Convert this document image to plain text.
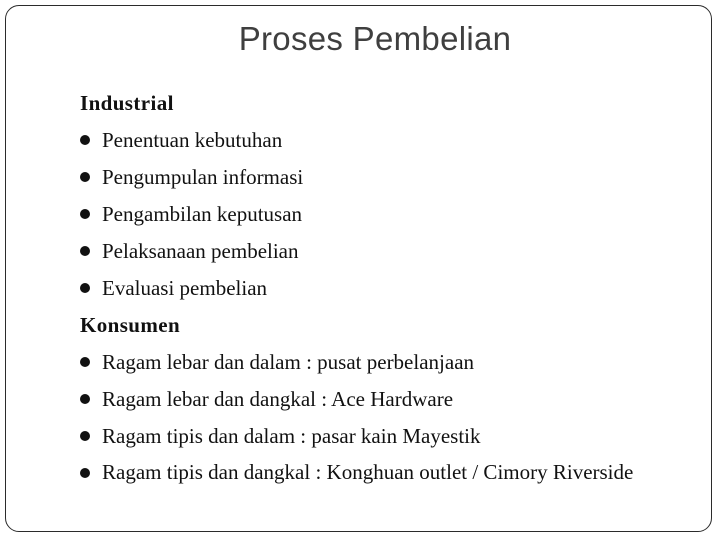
Proses Pembelian
Industrial
Penentuan kebutuhan
Pengumpulan informasi
Pengambilan keputusan
Pelaksanaan pembelian
Evaluasi pembelian
Konsumen
Ragam lebar dan dalam : pusat perbelanjaan
Ragam lebar dan dangkal : Ace Hardware
Ragam tipis dan dalam : pasar kain Mayestik
Ragam tipis dan dangkal : Konghuan outlet / Cimory Riverside
